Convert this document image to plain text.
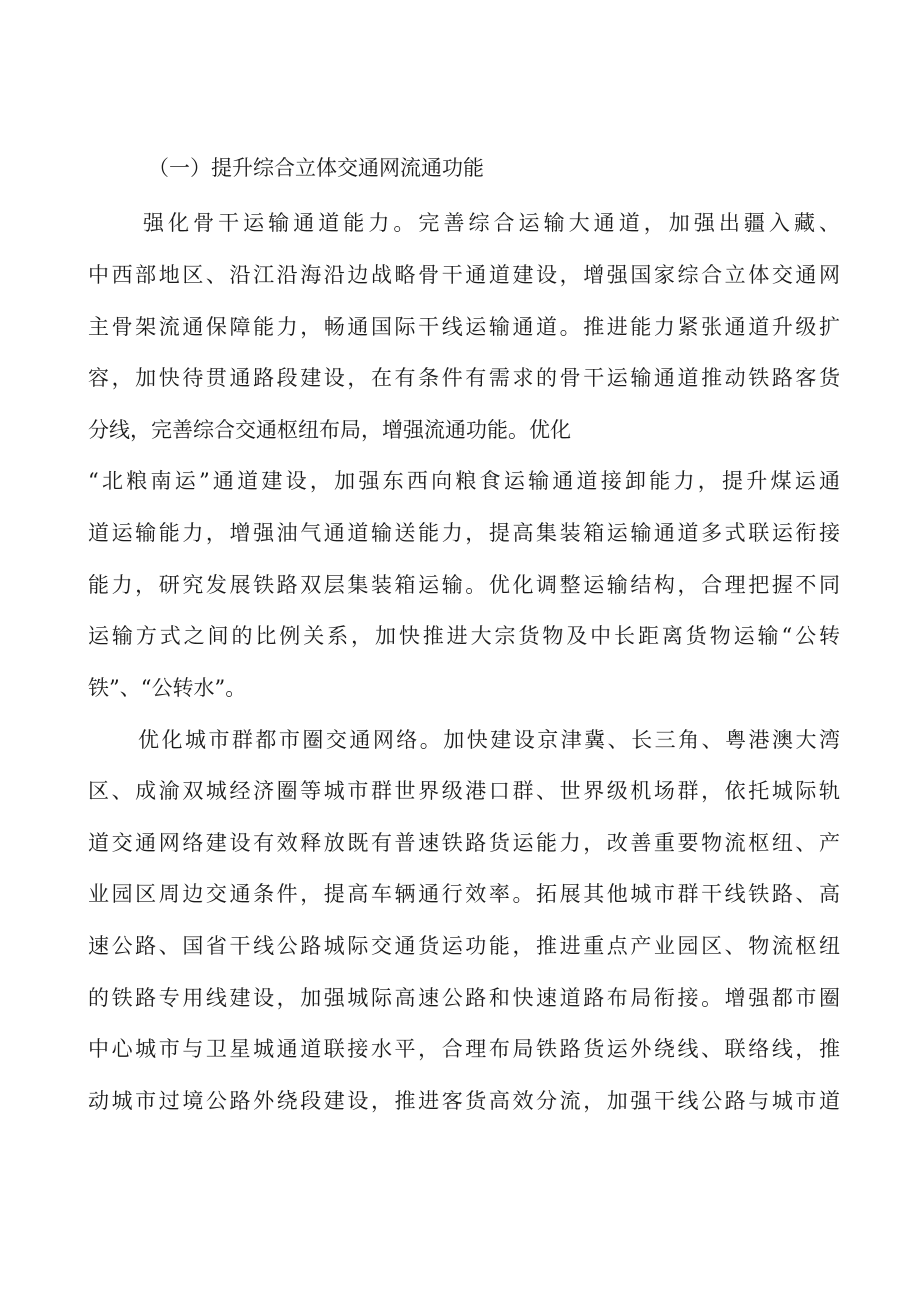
（一）提升综合立体交通网流通功能
强化骨干运输通道能力。完善综合运输大通道，加强出疆入藏、
中西部地区、沿江沿海沿边战略骨干通道建设，增强国家综合立体交通网
主骨架流通保障能力，畅通国际干线运输通道。推进能力紧张通道升级扩
容，加快待贯通路段建设，在有条件有需求的骨干运输通道推动铁路客货
分线，完善综合交通枢纽布局，增强流通功能。优化
“北粮南运”通道建设，加强东西向粮食运输通道接卸能力，提升煤运通
道运输能力，增强油气通道输送能力，提高集装箱运输通道多式联运衔接
能力，研究发展铁路双层集装箱运输。优化调整运输结构，合理把握不同
运输方式之间的比例关系，加快推进大宗货物及中长距离货物运输“公转
铁”、“公转水”。
优化城市群都市圈交通网络。加快建设京津冀、长三角、粤港澳大湾
区、成渝双城经济圈等城市群世界级港口群、世界级机场群，依托城际轨
道交通网络建设有效释放既有普速铁路货运能力，改善重要物流枢纽、产
业园区周边交通条件，提高车辆通行效率。拓展其他城市群干线铁路、高
速公路、国省干线公路城际交通货运功能，推进重点产业园区、物流枢纽
的铁路专用线建设，加强城际高速公路和快速道路布局衔接。增强都市圈
中心城市与卫星城通道联接水平，合理布局铁路货运外绕线、联络线，推
动城市过境公路外绕段建设，推进客货高效分流，加强干线公路与城市道
